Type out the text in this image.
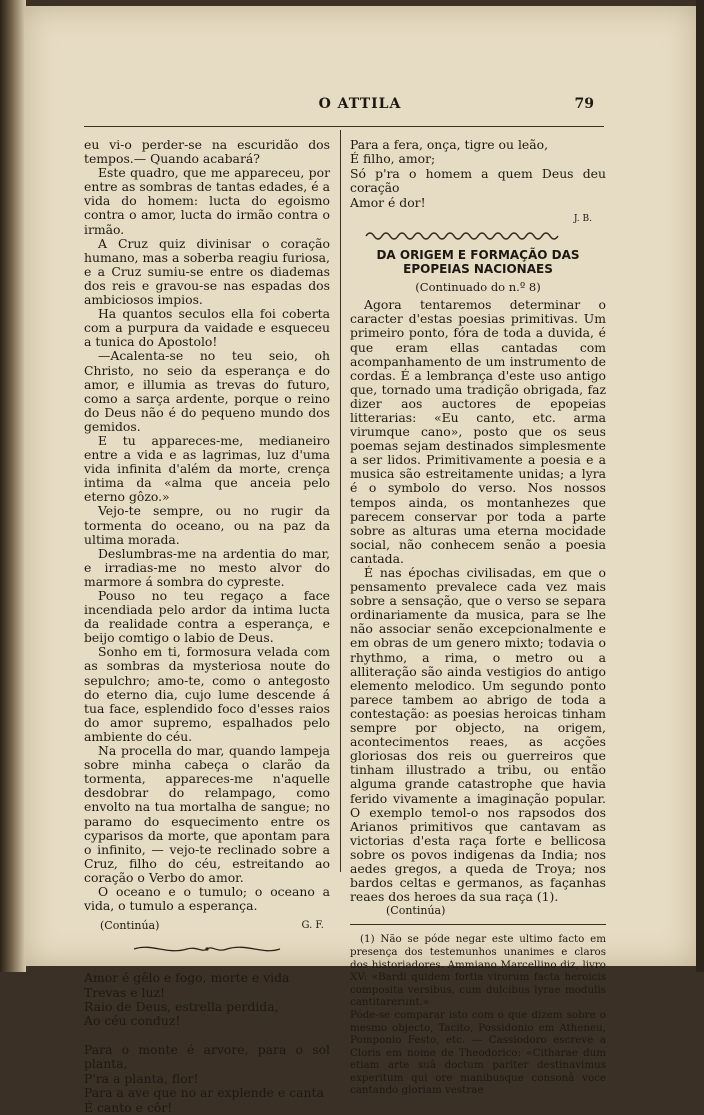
O ATTILA	79

eu vi-o perder-se na escuridão dos tempos.— Quando acabará?

Este quadro, que me appareceu, por entre as sombras de tantas edades, é a vida do homem: lucta do egoismo contra o amor, lucta do irmão contra o irmão.

A Cruz quiz divinisar o coração humano, mas a soberba reagiu furiosa, e a Cruz sumiu-se entre os diademas dos reis e gravou-se nas espadas dos ambiciosos impios.

Ha quantos seculos ella foi coberta com a purpura da vaidade e esqueceu a tunica do Apostolo!

—Acalenta-se no teu seio, oh Christo, no seio da esperança e do amor, e illumia as trevas do futuro, como a sarça ardente, porque o reino do Deus não é do pequeno mundo dos gemidos.

E tu appareces-me, medianeiro entre a vida e as lagrimas, luz d'uma vida infinita d'além da morte, crença intima da «alma que anceia pelo eterno gôzo.»

Vejo-te sempre, ou no rugir da tormenta do oceano, ou na paz da ultima morada.

Deslumbras-me na ardentia do mar, e irradias-me no mesto alvor do marmore á sombra do cypreste.

Pouso no teu regaço a face incendiada pelo ardor da intima lucta da realidade contra a esperança, e beijo comtigo o labio de Deus.

Sonho em ti, formosura velada com as sombras da mysteriosa noute do sepulchro; amo-te, como o antegosto do eterno dia, cujo lume descende á tua face, esplendido foco d'esses raios do amor supremo, espalhados pelo ambiente do céu.

Na procella do mar, quando lampeja sobre minha cabeça o clarão da tormenta, appareces-me n'aquelle desdobrar do relampago, como envolto na tua mortalha de sangue; no paramo do esquecimento entre os cyparisos da morte, que apontam para o infinito, — vejo-te reclinado sobre a Cruz, filho do céu, estreitando ao coração o Verbo do amor.

O oceano e o tumulo; o oceano a vida, o tumulo a esperança.

(Continúa)	G. F.

Amor é gêlo e fogo, morte e vida

Trevas e luz!

Raio de Deus, estrella perdida,

Ao céu conduz!

Para o monte é arvore, para o sol planta,

P'ra a planta, flor!

Para a ave que no ar explende e canta

É canto e côr!

Para a fera, onça, tigre ou leão,

É filho, amor;

Só p'ra o homem a quem Deus deu coração

Amor é dor!

J. B.
DA ORIGEM E FORMAÇÃO DAS EPOPEIAS NACIONAES
(Continuado do n.º 8)

Agora tentaremos determinar o caracter d'estas poesias primitivas. Um primeiro ponto, fóra de toda a duvida, é que eram ellas cantadas com acompanhamento de um instrumento de cordas. É a lembrança d'este uso antigo que, tornado uma tradição obrigada, faz dizer aos auctores de epopeias litterarias: «Eu canto, etc. arma virumque cano», posto que os seus poemas sejam destinados simplesmente a ser lidos. Primitivamente a poesia e a musica são estreitamente unidas; a lyra é o symbolo do verso. Nos nossos tempos ainda, os montanhezes que parecem conservar por toda a parte sobre as alturas uma eterna mocidade social, não conhecem senão a poesia cantada.

É nas épochas civilisadas, em que o pensamento prevalece cada vez mais sobre a sensação, que o verso se separa ordinariamente da musica, para se lhe não associar senão excepcionalmente e em obras de um genero mixto; todavia o rhythmo, a rima, o metro ou a alliteração são ainda vestigios do antigo elemento melodico. Um segundo ponto parece tambem ao abrigo de toda a contestação: as poesias heroicas tinham sempre por objecto, na origem, acontecimentos reaes, as acções gloriosas dos reis ou guerreiros que tinham illustrado a tribu, ou então alguma grande catastrophe que havia ferido vivamente a imaginação popular. O exemplo temol-o nos rapsodos dos Arianos primitivos que cantavam as victorias d'esta raça forte e bellicosa sobre os povos indigenas da India; nos aedes gregos, a queda de Troya; nos bardos celtas e germanos, as façanhas reaes dos heroes da sua raça (1).

(Continúa)

(1) Não se póde negar este ultimo facto em presença dos testemunhos unanimes e claros dos historiadores. Ammiano Marcellino diz, livro XV: «Bardi quidem fortia virorum facta heroicis composita versibus, cum dulcibus lyrae modulis cantitarerunt.»

Póde-se comparar isto com o que dizem sobre o mesmo objecto, Tacito, Possidonio em Atheneu, Pomponio Festo, etc. — Cassiodoro escreve a Cloris em nome de Theodorico: «Citharae dum etiam arte suâ doctum pariter destinavimus experitum qui ore manibusque consonâ voce cantando gloriam vestrae
